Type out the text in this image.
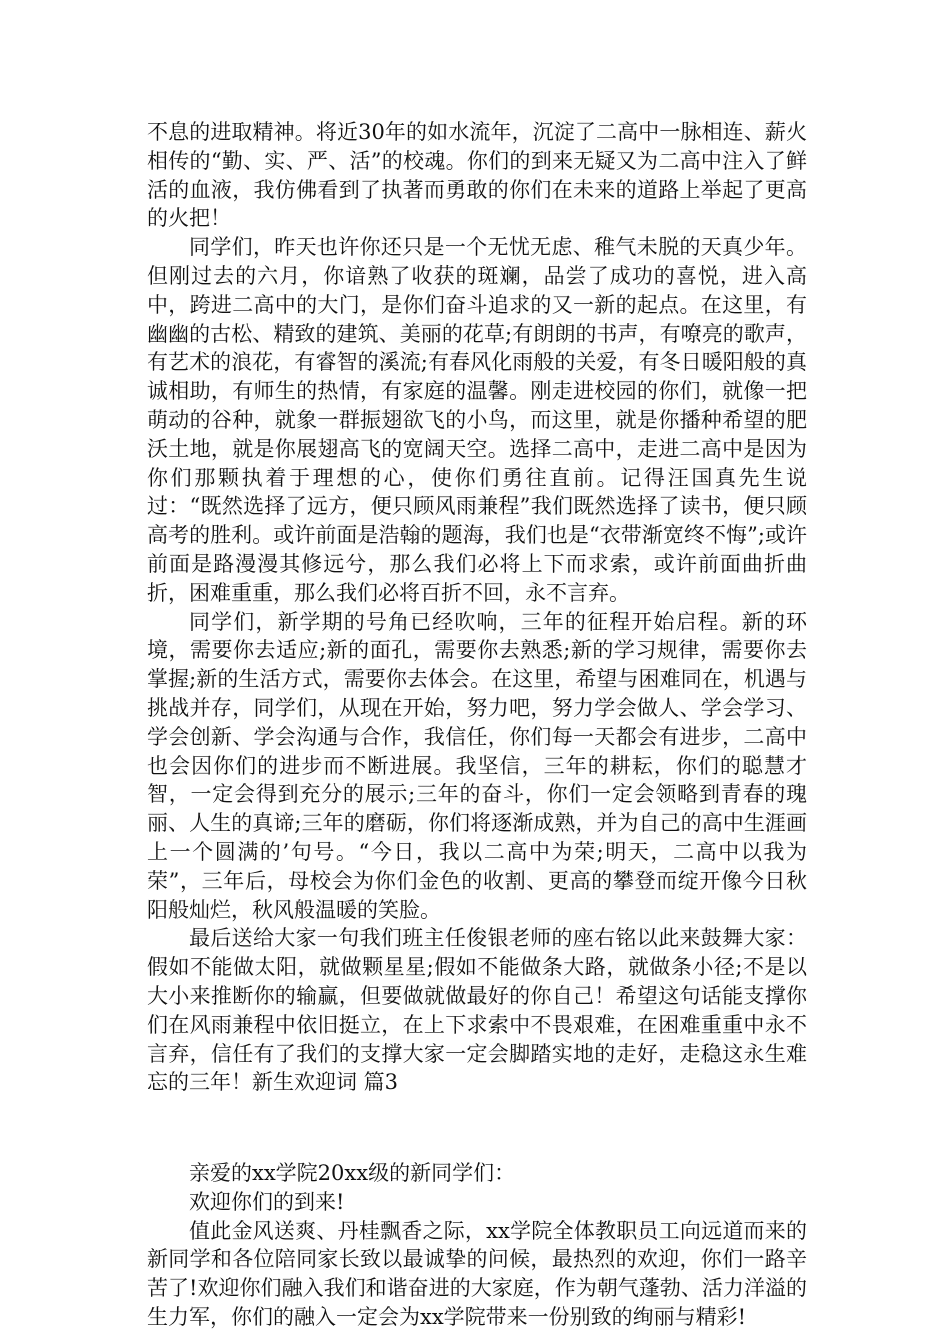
不息的进取精神。将近30年的如水流年，沉淀了二高中一脉相连、薪火相传的“勤、实、严、活”的校魂。你们的到来无疑又为二高中注入了鲜活的血液，我仿佛看到了执著而勇敢的你们在未来的道路上举起了更高的火把！

同学们，昨天也许你还只是一个无忧无虑、稚气未脱的天真少年。但刚过去的六月，你谙熟了收获的斑斓，品尝了成功的喜悦，进入高中，跨进二高中的大门，是你们奋斗追求的又一新的起点。在这里，有幽幽的古松、精致的建筑、美丽的花草;有朗朗的书声，有嘹亮的歌声，有艺术的浪花，有睿智的溪流;有春风化雨般的关爱，有冬日暖阳般的真诚相助，有师生的热情，有家庭的温馨。刚走进校园的你们，就像一把萌动的谷种，就象一群振翅欲飞的小鸟，而这里，就是你播种希望的肥沃土地，就是你展翅高飞的宽阔天空。选择二高中，走进二高中是因为你们那颗执着于理想的心，使你们勇往直前。记得汪国真先生说过：“既然选择了远方，便只顾风雨兼程”我们既然选择了读书，便只顾高考的胜利。或许前面是浩翰的题海，我们也是“衣带渐宽终不悔”;或许前面是路漫漫其修远兮，那么我们必将上下而求索，或许前面曲折曲折，困难重重，那么我们必将百折不回，永不言弃。

同学们，新学期的号角已经吹响，三年的征程开始启程。新的环境，需要你去适应;新的面孔，需要你去熟悉;新的学习规律，需要你去掌握;新的生活方式，需要你去体会。在这里，希望与困难同在，机遇与挑战并存，同学们，从现在开始，努力吧，努力学会做人、学会学习、学会创新、学会沟通与合作，我信任，你们每一天都会有进步，二高中也会因你们的进步而不断进展。我坚信，三年的耕耘，你们的聪慧才智，一定会得到充分的展示;三年的奋斗，你们一定会领略到青春的瑰丽、人生的真谛;三年的磨砺，你们将逐渐成熟，并为自己的高中生涯画上一个圆满的’句号。“今日，我以二高中为荣;明天，二高中以我为荣”，三年后，母校会为你们金色的收割、更高的攀登而绽开像今日秋阳般灿烂，秋风般温暖的笑脸。

最后送给大家一句我们班主任俊银老师的座右铭以此来鼓舞大家：假如不能做太阳，就做颗星星;假如不能做条大路，就做条小径;不是以大小来推断你的输赢，但要做就做最好的你自己！希望这句话能支撑你们在风雨兼程中依旧挺立，在上下求索中不畏艰难，在困难重重中永不言弃，信任有了我们的支撑大家一定会脚踏实地的走好，走稳这永生难忘的三年！新生欢迎词 篇3

亲爱的xx学院20xx级的新同学们：

欢迎你们的到来!

值此金风送爽、丹桂飘香之际，xx学院全体教职员工向远道而来的新同学和各位陪同家长致以最诚挚的问候，最热烈的欢迎，你们一路辛苦了!欢迎你们融入我们和谐奋进的大家庭，作为朝气蓬勃、活力洋溢的生力军，你们的融入一定会为xx学院带来一份别致的绚丽与精彩!
